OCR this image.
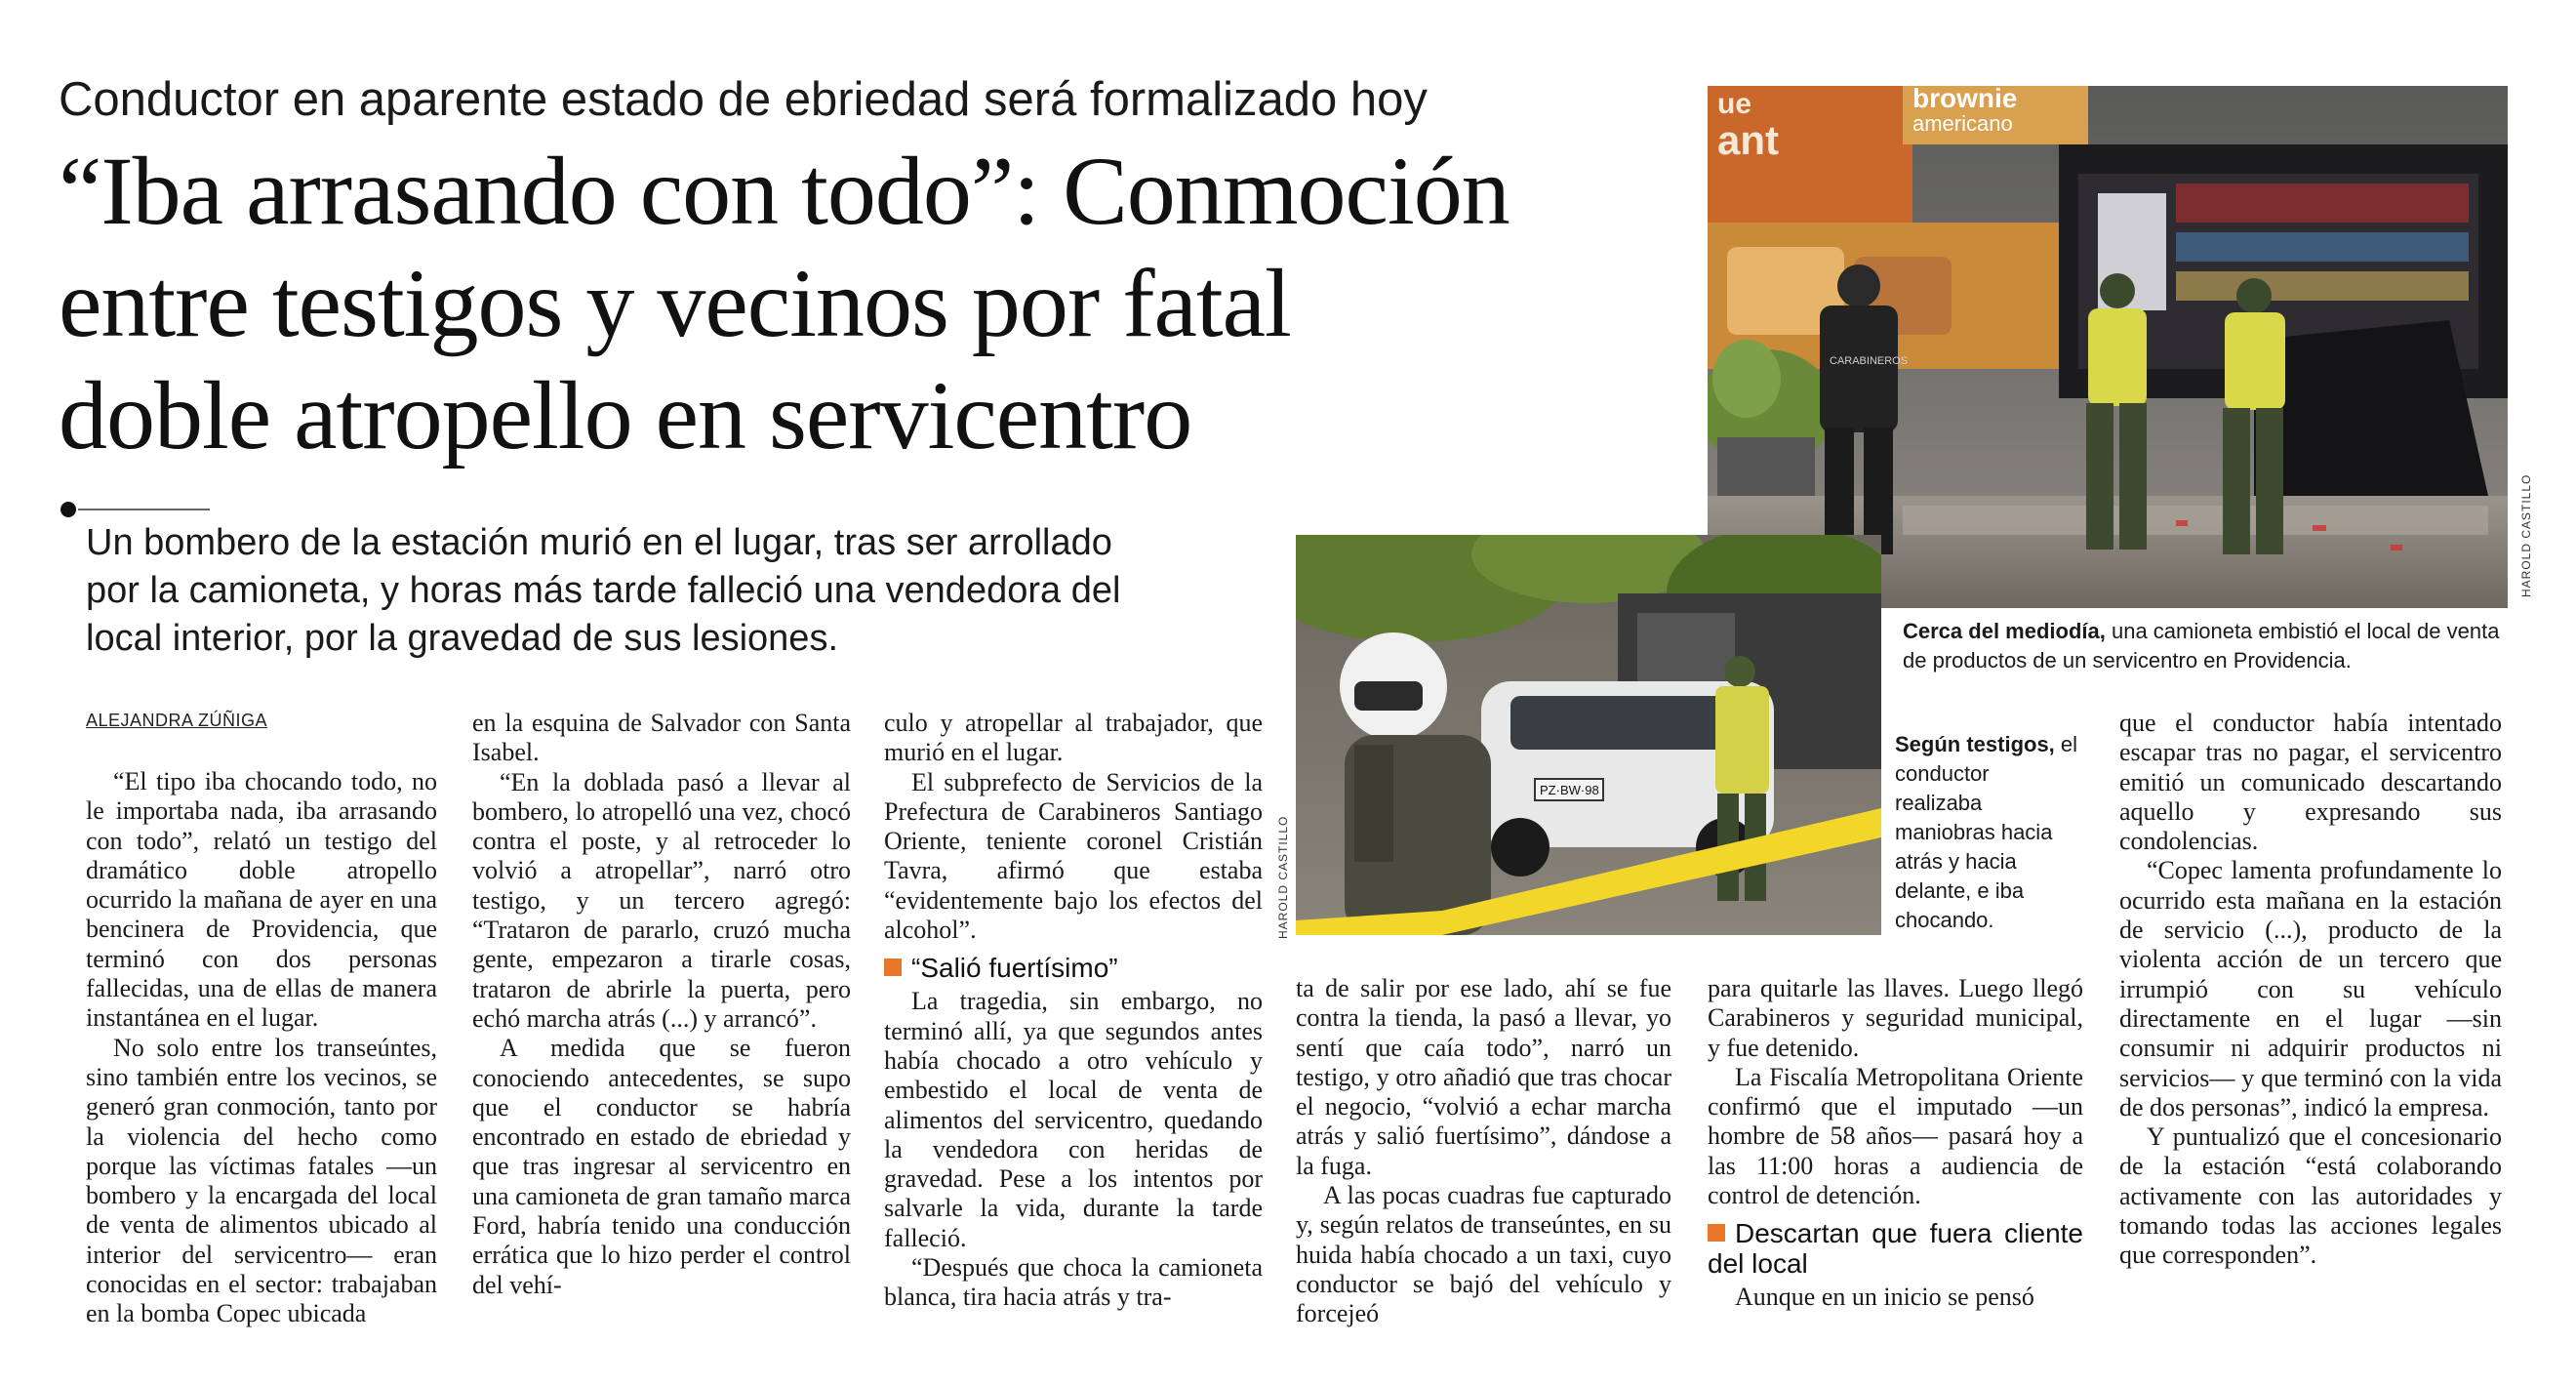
Conductor en aparente estado de ebriedad será formalizado hoy
“Iba arrasando con todo”: Conmoción
entre testigos y vecinos por fatal
doble atropello en servicentro
Un bombero de la estación murió en el lugar, tras ser arrollado
por la camioneta, y horas más tarde falleció una vendedora del
local interior, por la gravedad de sus lesiones.
ALEJANDRA ZÚÑIGA
ue
ant
brownie
americano
CARABINEROS
HAROLD CASTILLO
Cerca del mediodía, una camioneta embistió el local de venta de productos de un servicentro en Providencia.
PZ·BW·98
HAROLD CASTILLO
Según testigos, el conductor realizaba maniobras hacia atrás y hacia delante, e iba chocando.

“El tipo iba chocando todo, no le importaba nada, iba arrasando con todo”, relató un testigo del dramático doble atropello ocurrido la mañana de ayer en una bencinera de Providencia, que terminó con dos personas fallecidas, una de ellas de manera instantánea en el lugar.

No solo entre los transeúntes, sino también entre los vecinos, se generó gran conmoción, tanto por la violencia del hecho como porque las víctimas fatales —un bombero y la encargada del local de venta de alimentos ubicado al interior del servicentro— eran conocidas en el sector: trabajaban en la bomba Copec ubicada

en la esquina de Salvador con Santa Isabel.

“En la doblada pasó a llevar al bombero, lo atropelló una vez, chocó contra el poste, y al retroceder lo volvió a atropellar”, narró otro testigo, y un tercero agregó: “Trataron de pararlo, cruzó mucha gente, empezaron a tirarle cosas, trataron de abrirle la puerta, pero echó marcha atrás (...) y arrancó”.

A medida que se fueron conociendo antecedentes, se supo que el conductor se habría encontrado en estado de ebriedad y que tras ingresar al servicentro en una camioneta de gran tamaño marca Ford, habría tenido una conducción errática que lo hizo perder el control del vehí-

culo y atropellar al trabajador, que murió en el lugar.

El subprefecto de Servicios de la Prefectura de Carabineros Santiago Oriente, teniente coronel Cristián Tavra, afirmó que estaba “evidentemente bajo los efectos del alcohol”.

“Salió fuertísimo”

La tragedia, sin embargo, no terminó allí, ya que segundos antes había chocado a otro vehículo y embestido el local de venta de alimentos del servicentro, quedando la vendedora con heridas de gravedad. Pese a los intentos por salvarle la vida, durante la tarde falleció.

“Después que choca la camioneta blanca, tira hacia atrás y tra-

ta de salir por ese lado, ahí se fue contra la tienda, la pasó a llevar, yo sentí que caía todo”, narró un testigo, y otro añadió que tras chocar el negocio, “volvió a echar marcha atrás y salió fuertísimo”, dándose a la fuga.

A las pocas cuadras fue capturado y, según relatos de transeúntes, en su huida había chocado a un taxi, cuyo conductor se bajó del vehículo y forcejeó

para quitarle las llaves. Luego llegó Carabineros y seguridad municipal, y fue detenido.

La Fiscalía Metropolitana Oriente confirmó que el imputado —un hombre de 58 años— pasará hoy a las 11:00 horas a audiencia de control de detención.

Descartan que fuera cliente del local

Aunque en un inicio se pensó

que el conductor había intentado escapar tras no pagar, el servicentro emitió un comunicado descartando aquello y expresando sus condolencias.

“Copec lamenta profundamente lo ocurrido esta mañana en la estación de servicio (...), producto de la violenta acción de un tercero que irrumpió con su vehículo directamente en el lugar —sin consumir ni adquirir productos ni servicios— y que terminó con la vida de dos personas”, indicó la empresa.

Y puntualizó que el concesionario de la estación “está colaborando activamente con las autoridades y tomando todas las acciones legales que corresponden”.
